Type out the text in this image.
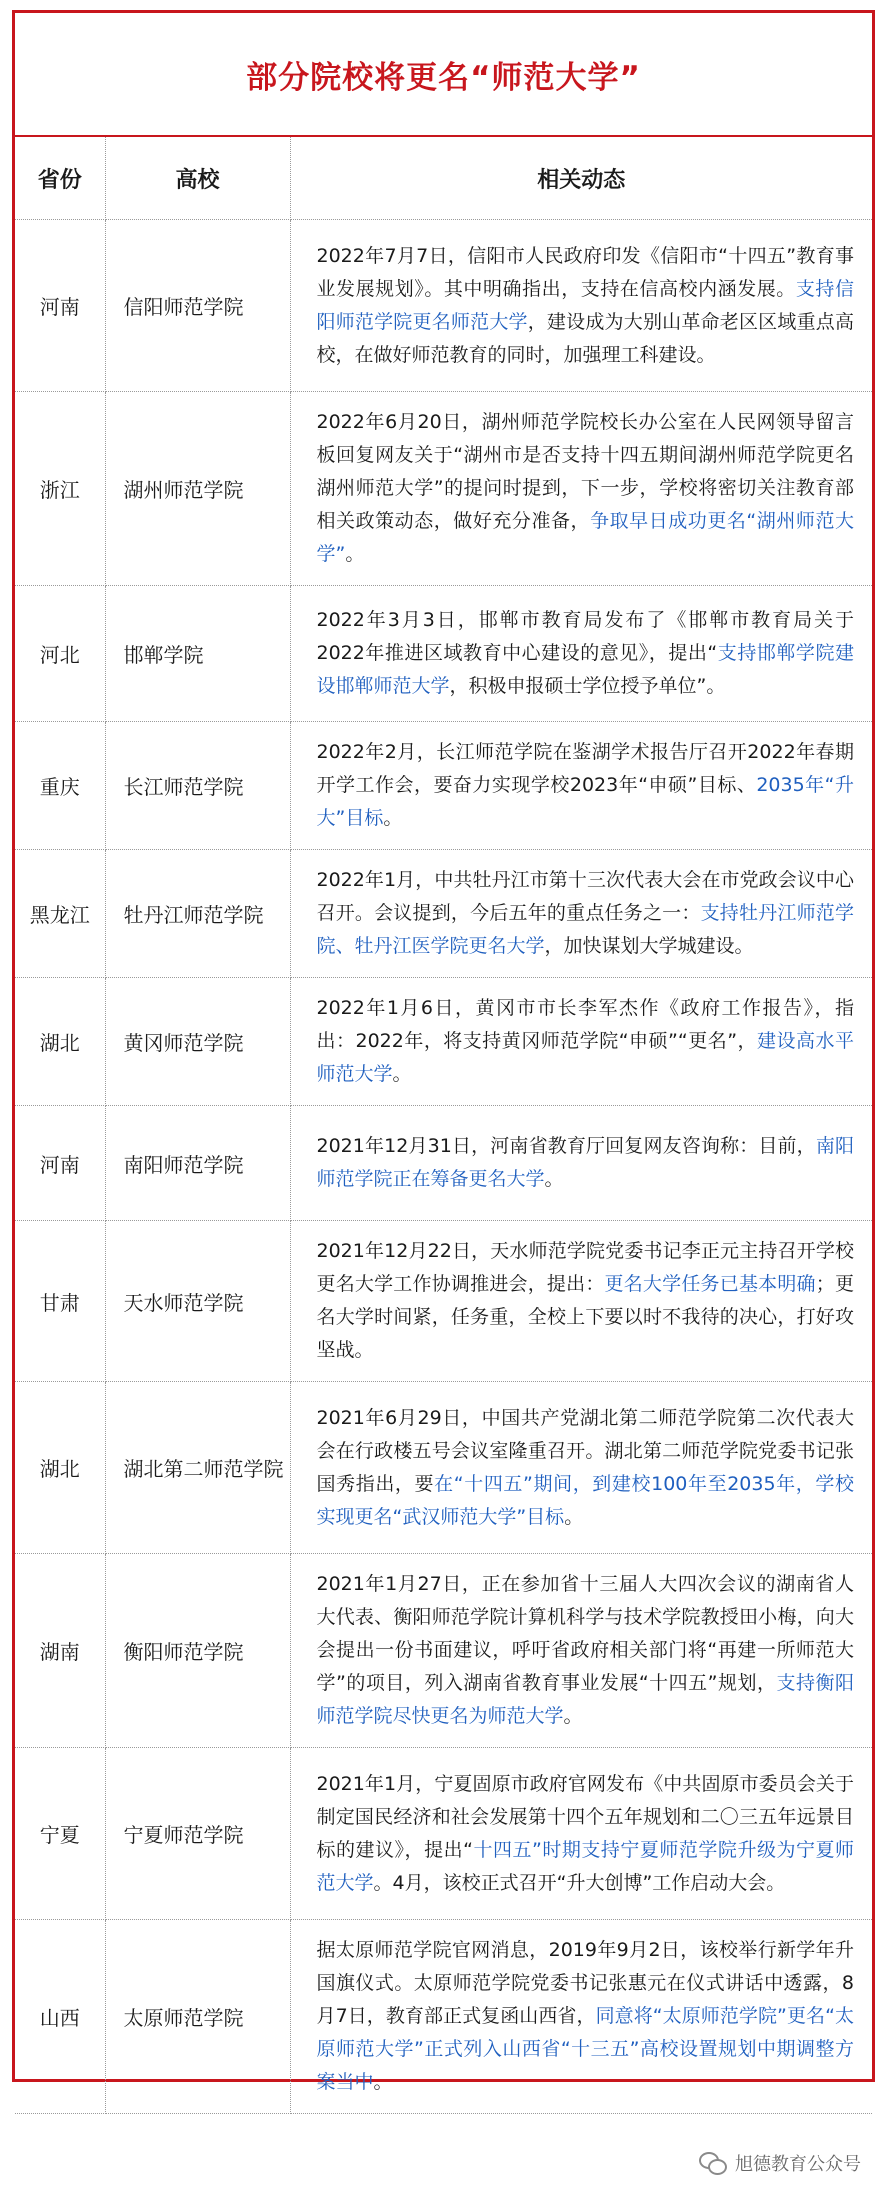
部分院校将更名“师范大学”
省份	高校	相关动态
河南	信阳师范学院	2022年7月7日，信阳市人民政府印发《信阳市“十四五”教育事业发展规划》。其中明确指出，支持在信高校内涵发展。支持信阳师范学院更名师范大学，建设成为大别山革命老区区域重点高校，在做好师范教育的同时，加强理工科建设。
浙江	湖州师范学院	2022年6月20日，湖州师范学院校长办公室在人民网领导留言板回复网友关于“湖州市是否支持十四五期间湖州师范学院更名湖州师范大学”的提问时提到，下一步，学校将密切关注教育部相关政策动态，做好充分准备，争取早日成功更名“湖州师范大学”。
河北	邯郸学院	2022年3月3日，邯郸市教育局发布了《邯郸市教育局关于2022年推进区域教育中心建设的意见》，提出“支持邯郸学院建设邯郸师范大学，积极申报硕士学位授予单位”。
重庆	长江师范学院	2022年2月，长江师范学院在鉴湖学术报告厅召开2022年春期开学工作会，要奋力实现学校2023年“申硕”目标、2035年“升大”目标。
黑龙江	牡丹江师范学院	2022年1月，中共牡丹江市第十三次代表大会在市党政会议中心召开。会议提到，今后五年的重点任务之一：支持牡丹江师范学院、牡丹江医学院更名大学，加快谋划大学城建设。
湖北	黄冈师范学院	2022年1月6日，黄冈市市长李军杰作《政府工作报告》，指出：2022年，将支持黄冈师范学院“申硕”“更名”，建设高水平师范大学。
河南	南阳师范学院	2021年12月31日，河南省教育厅回复网友咨询称：目前，南阳师范学院正在筹备更名大学。
甘肃	天水师范学院	2021年12月22日，天水师范学院党委书记李正元主持召开学校更名大学工作协调推进会，提出：更名大学任务已基本明确；更名大学时间紧，任务重，全校上下要以时不我待的决心，打好攻坚战。
湖北	湖北第二师范学院	2021年6月29日，中国共产党湖北第二师范学院第二次代表大会在行政楼五号会议室隆重召开。湖北第二师范学院党委书记张国秀指出，要在“十四五”期间，到建校100年至2035年，学校实现更名“武汉师范大学”目标。
湖南	衡阳师范学院	2021年1月27日，正在参加省十三届人大四次会议的湖南省人大代表、衡阳师范学院计算机科学与技术学院教授田小梅，向大会提出一份书面建议，呼吁省政府相关部门将“再建一所师范大学”的项目，列入湖南省教育事业发展“十四五”规划，支持衡阳师范学院尽快更名为师范大学。
宁夏	宁夏师范学院	2021年1月，宁夏固原市政府官网发布《中共固原市委员会关于制定国民经济和社会发展第十四个五年规划和二〇三五年远景目标的建议》，提出“十四五”时期支持宁夏师范学院升级为宁夏师范大学。4月，该校正式召开“升大创博”工作启动大会。
山西	太原师范学院	据太原师范学院官网消息，2019年9月2日，该校举行新学年升国旗仪式。太原师范学院党委书记张惠元在仪式讲话中透露，8月7日，教育部正式复函山西省，同意将“太原师范学院”更名“太原师范大学”正式列入山西省“十三五”高校设置规划中期调整方案当中。
旭德教育公众号
